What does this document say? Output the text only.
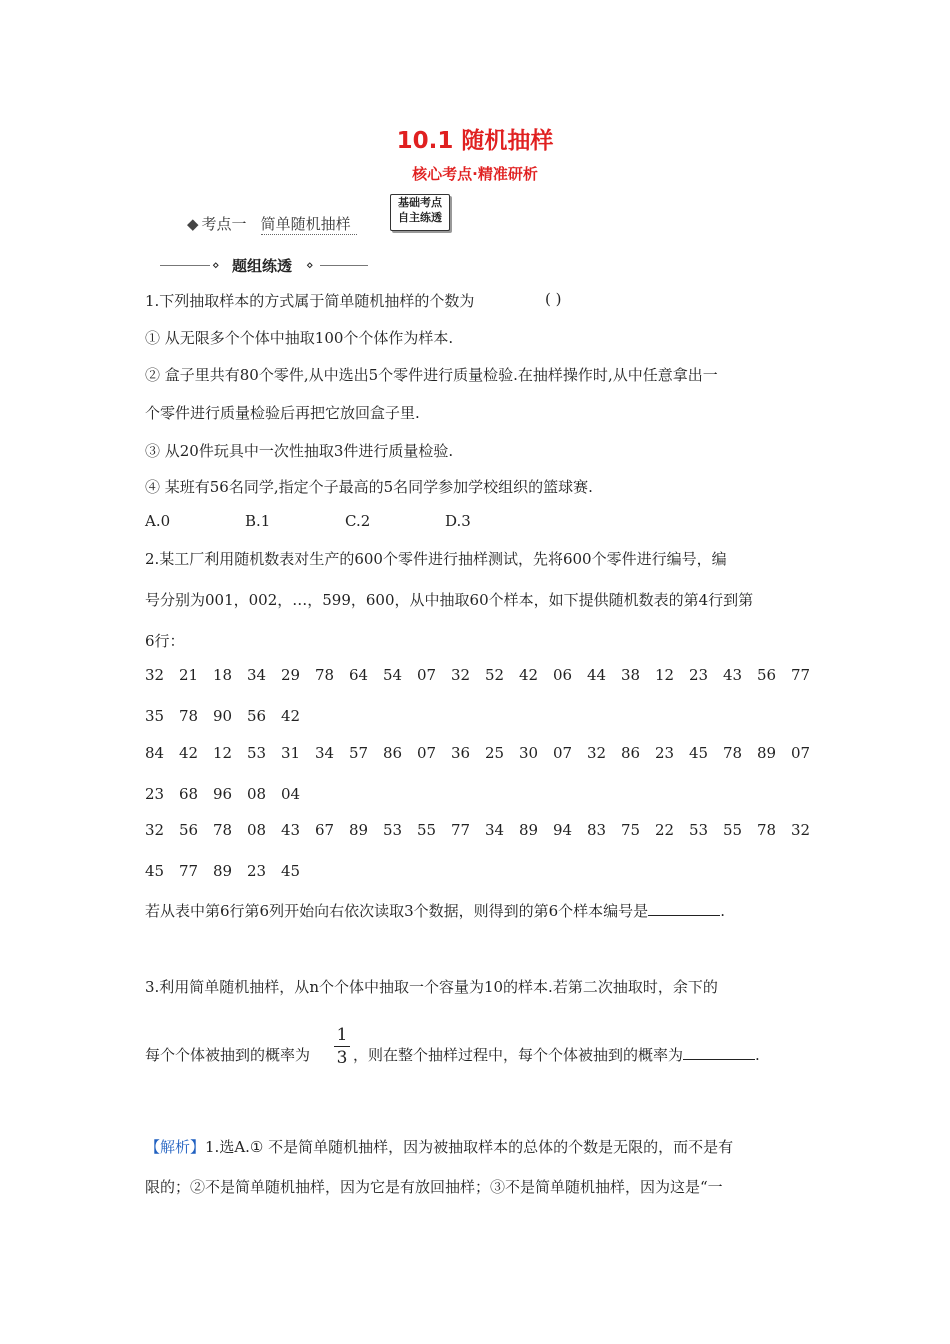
10.1 随机抽样
核心考点·精准研析
◆ 考点一 简单随机抽样
基础考点
自主练透
⋄ 题组练透 ⋄
1.下列抽取样本的方式属于简单随机抽样的个数为	( )
① 从无限多个个体中抽取100个个体作为样本.
② 盒子里共有80个零件,从中选出5个零件进行质量检验.在抽样操作时,从中任意拿出一
个零件进行质量检验后再把它放回盒子里.
③ 从20件玩具中一次性抽取3件进行质量检验.
④ 某班有56名同学,指定个子最高的5名同学参加学校组织的篮球赛.
A.0	B.1	C.2	D.3
2.某工厂利用随机数表对生产的600个零件进行抽样测试，先将600个零件进行编号，编
号分别为001，002，…，599，600，从中抽取60个样本，如下提供随机数表的第4行到第
6行：
32 21 18 34 29 78 64 54 07 32 52 42 06 44 38 12 23 43 56 77
35 78 90 56 42
84 42 12 53 31 34 57 86 07 36 25 30 07 32 86 23 45 78 89 07
23 68 96 08 04
32 56 78 08 43 67 89 53 55 77 34 89 94 83 75 22 53 55 78 32
45 77 89 23 45
若从表中第6行第6列开始向右依次读取3个数据，则得到的第6个样本编号是	.
3.利用简单随机抽样，从n个个体中抽取一个容量为10的样本.若第二次抽取时，余下的
每个个体被抽到的概率为
1
3 ，则在整个抽样过程中，每个个体被抽到的概率为	.
【解析】1.选A.① 不是简单随机抽样，因为被抽取样本的总体的个数是无限的，而不是有
限的；②不是简单随机抽样，因为它是有放回抽样；③不是简单随机抽样，因为这是“一
